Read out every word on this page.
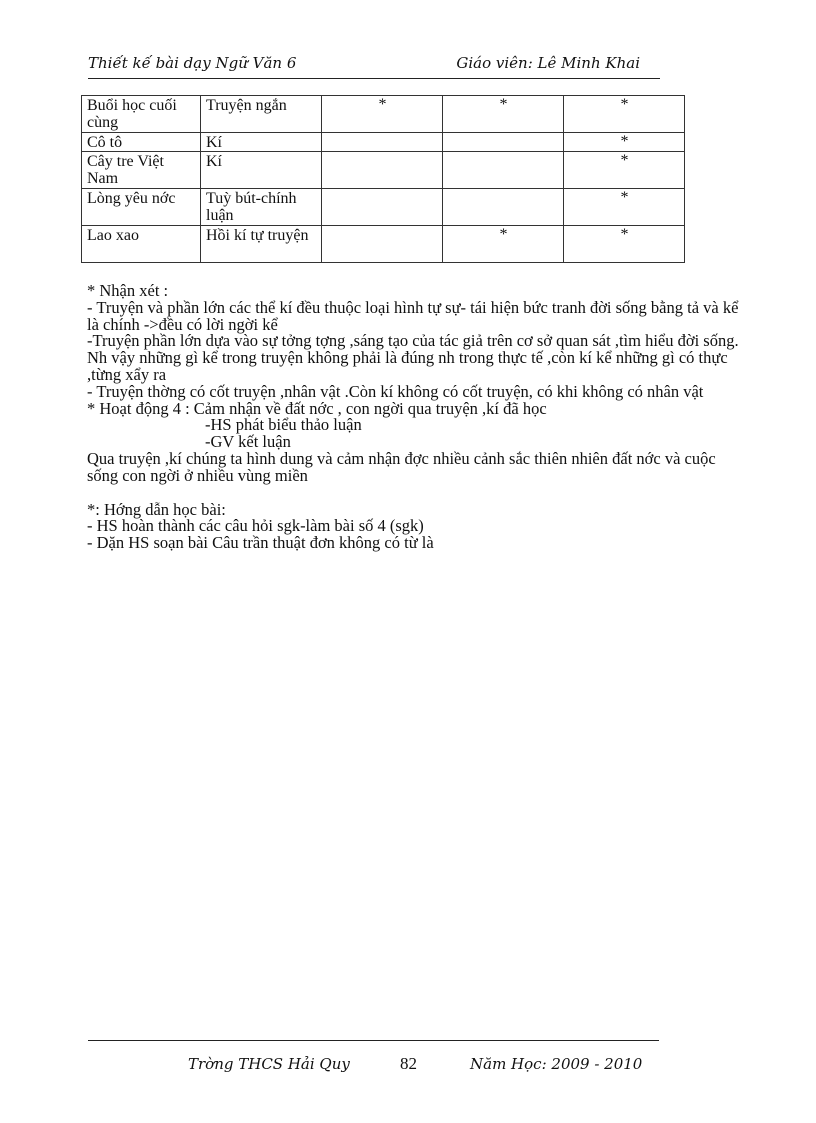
Thiết kế bài dạy Ngữ Văn 6	Giáo viên: Lê Minh Khai
Buổi học cuối cùng	Truyện ngắn	*	*	*
Cô tô	Kí			*
Cây tre Việt Nam	Kí			*
Lòng yêu nớc	Tuỳ bút-chính luận			*
Lao xao	Hồi kí tự truyện		*	*

* Nhận xét :

- Truyện và phần lớn các thể kí đều thuộc loại hình tự sự- tái hiện bức tranh đời sống bằng tả và kể là chính ->đều có lời ngời kể

-Truyện phần lớn dựa vào sự tởng tợng ,sáng tạo của tác giả trên cơ sở quan sát ,tìm hiểu đời sống. Nh vậy những gì kể trong truyện không phải là đúng nh trong thực tế ,còn kí kể những gì có thực ,từng xẩy ra

- Truyện thờng có cốt truyện ,nhân vật .Còn kí không có cốt truyện, có khi không có nhân vật

* Hoạt động 4 : Cảm nhận về đất nớc , con ngời qua truyện ,kí đã học

-HS phát biểu thảo luận

-GV kết luận

Qua truyện ,kí chúng ta hình dung và cảm nhận đợc nhiều cảnh sắc thiên nhiên đất nớc và cuộc sống con ngời ở nhiều vùng miền

*: Hớng dẫn học bài:

- HS hoàn thành các câu hỏi sgk-làm bài số 4 (sgk)

- Dặn HS soạn bài Câu trần thuật đơn không có từ là

Trờng THCS Hải Quy	82	Năm Học: 2009 - 2010
